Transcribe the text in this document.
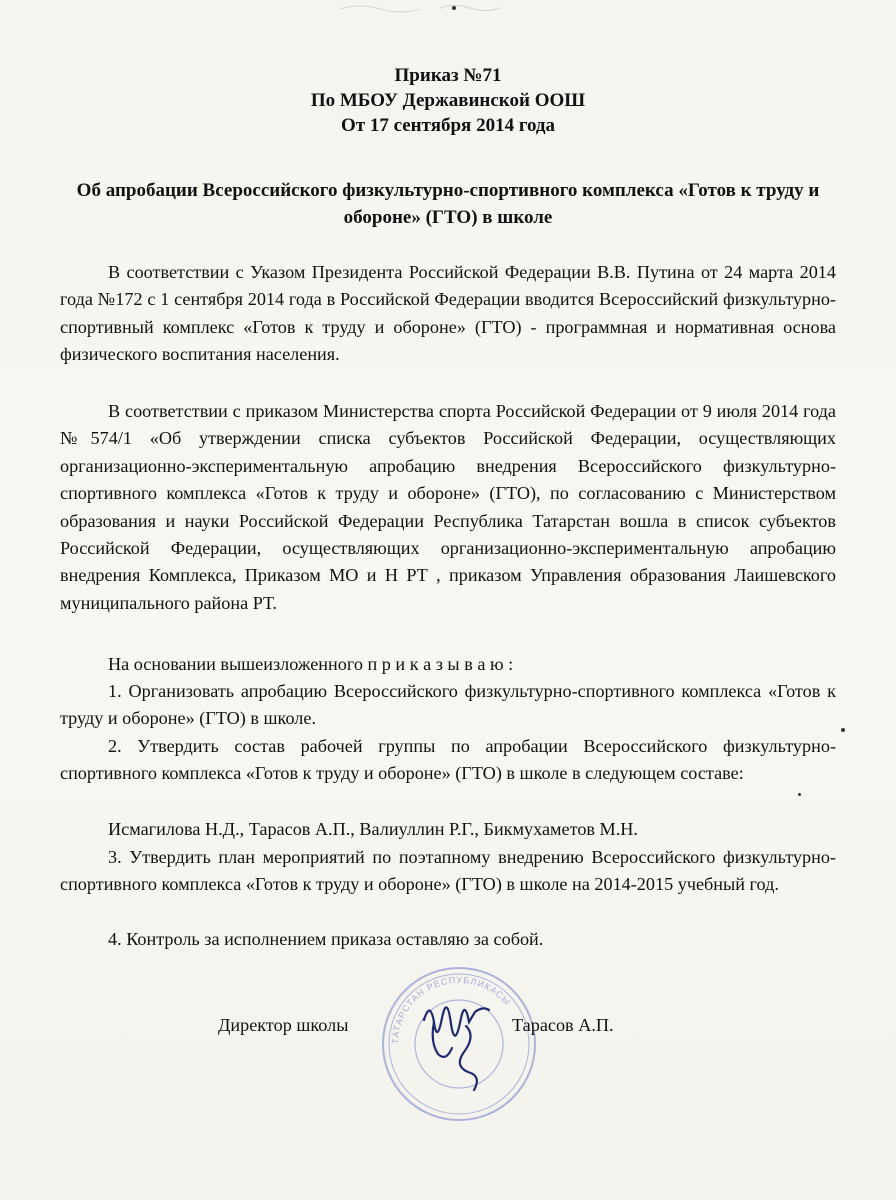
Приказ №71
По МБОУ Державинской ООШ
От 17 сентября 2014 года
Об апробации Всероссийского физкультурно-спортивного комплекса «Готов к труду и обороне» (ГТО) в школе
В соответствии с Указом Президента Российской Федерации В.В. Путина от 24 марта 2014 года №172 с 1 сентября 2014 года в Российской Федерации вводится Всероссийский физкультурно-спортивный комплекс «Готов к труду и обороне» (ГТО) - программная и нормативная основа физического воспитания населения.
В соответствии с приказом Министерства спорта Российской Федерации от 9 июля 2014 года №574/1 «Об утверждении списка субъектов Российской Федерации, осуществляющих организационно-экспериментальную апробацию внедрения Всероссийского физкультурно-спортивного комплекса «Готов к труду и обороне» (ГТО), по согласованию с Министерством образования и науки Российской Федерации Республика Татарстан вошла в список субъектов Российской Федерации, осуществляющих организационно-экспериментальную апробацию внедрения Комплекса, Приказом МО и Н РТ , приказом Управления образования Лаишевского муниципального района РТ.
На основании вышеизложенного п р и к а з ы в а ю :
1. Организовать апробацию Всероссийского физкультурно-спортивного комплекса «Готов к труду и обороне» (ГТО) в школе.
2. Утвердить состав рабочей группы по апробации Всероссийского физкультурно-спортивного комплекса «Готов к труду и обороне» (ГТО) в школе в следующем составе:
Исмагилова Н.Д., Тарасов А.П., Валиуллин Р.Г., Бикмухаметов М.Н.
3. Утвердить план мероприятий по поэтапному внедрению Всероссийского физкультурно-спортивного комплекса «Готов к труду и обороне» (ГТО) в школе на 2014-2015 учебный год.
4. Контроль за исполнением приказа оставляю за собой.
ТАТАРСТАН РЕСПУБЛИКАСЫ
Директор школы	Тарасов А.П.
